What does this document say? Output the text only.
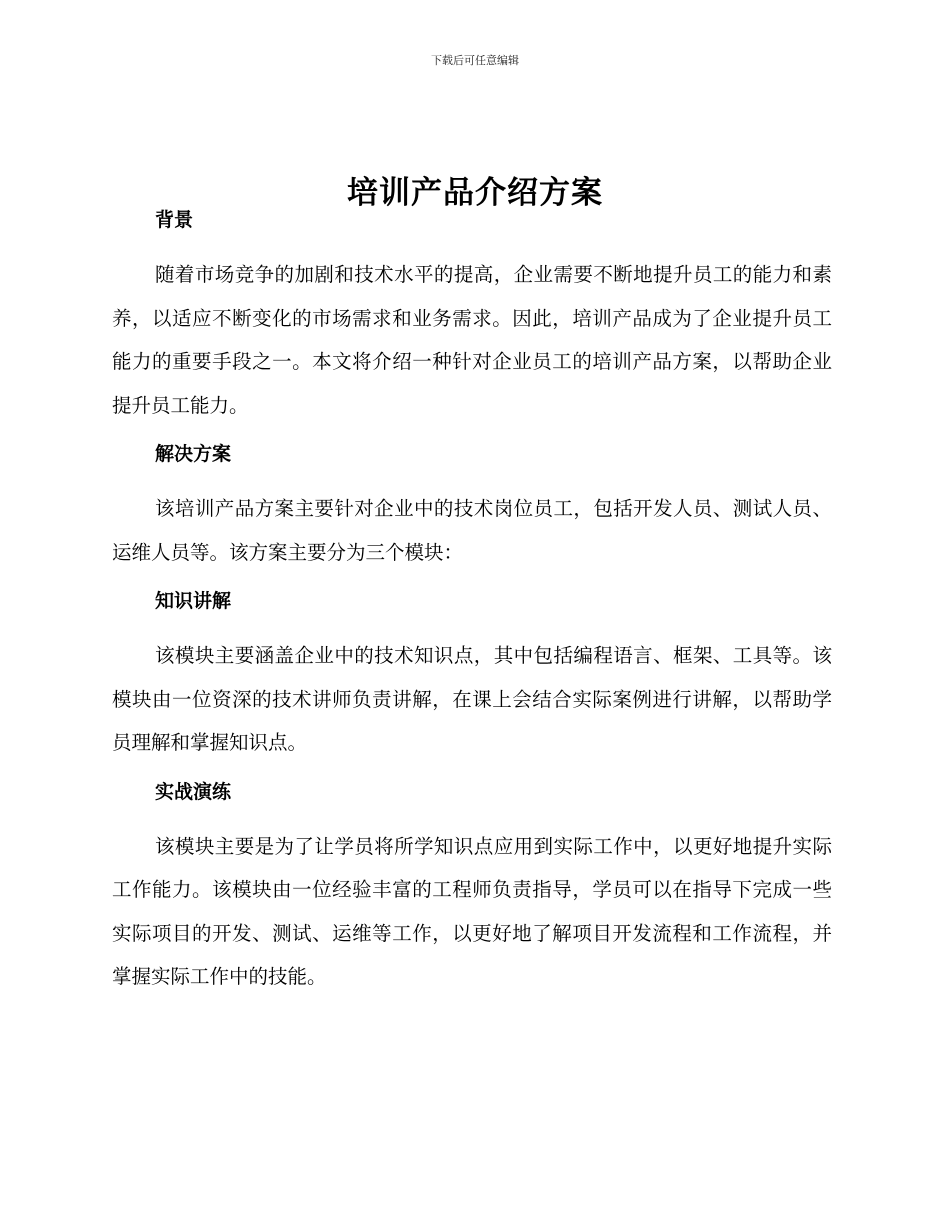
下载后可任意编辑
培训产品介绍方案
背景

随着市场竞争的加剧和技术水平的提高，企业需要不断地提升员工的能力和素养，以适应不断变化的市场需求和业务需求。因此，培训产品成为了企业提升员工能力的重要手段之一。本文将介绍一种针对企业员工的培训产品方案，以帮助企业提升员工能力。

解决方案

该培训产品方案主要针对企业中的技术岗位员工，包括开发人员、测试人员、运维人员等。该方案主要分为三个模块：

知识讲解

该模块主要涵盖企业中的技术知识点，其中包括编程语言、框架、工具等。该模块由一位资深的技术讲师负责讲解，在课上会结合实际案例进行讲解，以帮助学员理解和掌握知识点。

实战演练

该模块主要是为了让学员将所学知识点应用到实际工作中，以更好地提升实际工作能力。该模块由一位经验丰富的工程师负责指导，学员可以在指导下完成一些实际项目的开发、测试、运维等工作，以更好地了解项目开发流程和工作流程，并掌握实际工作中的技能。
